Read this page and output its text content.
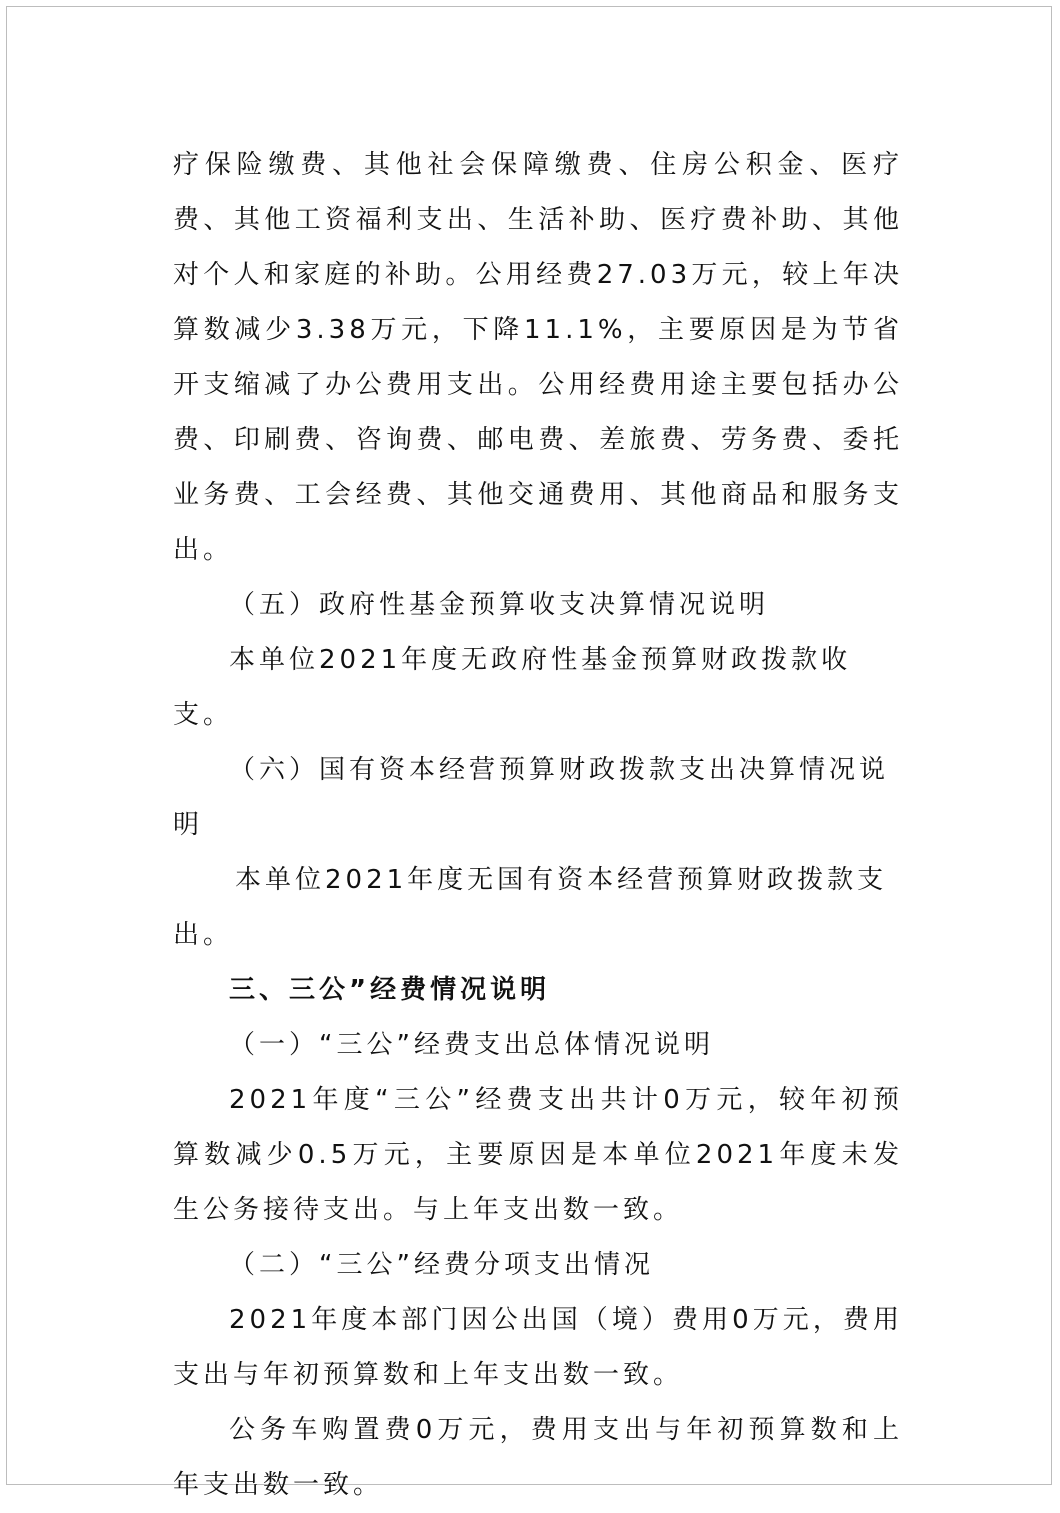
疗保险缴费、其他社会保障缴费、住房公积金、医疗费、其他工资福利支出、生活补助、医疗费补助、其他对个人和家庭的补助。公用经费27.03万元，较上年决算数减少3.38万元，下降11.1%，主要原因是为节省开支缩减了办公费用支出。公用经费用途主要包括办公费、印刷费、咨询费、邮电费、差旅费、劳务费、委托业务费、工会经费、其他交通费用、其他商品和服务支出。

（五）政府性基金预算收支决算情况说明

本单位2021年度无政府性基金预算财政拨款收支。

（六）国有资本经营预算财政拨款支出决算情况说明

本单位2021年度无国有资本经营预算财政拨款支出。

三、三公”经费情况说明

（一）“三公”经费支出总体情况说明

2021年度“三公”经费支出共计0万元，较年初预算数减少0.5万元，主要原因是本单位2021年度未发生公务接待支出。与上年支出数一致。

（二）“三公”经费分项支出情况

2021年度本部门因公出国（境）费用0万元，费用支出与年初预算数和上年支出数一致。

公务车购置费0万元，费用支出与年初预算数和上年支出数一致。
